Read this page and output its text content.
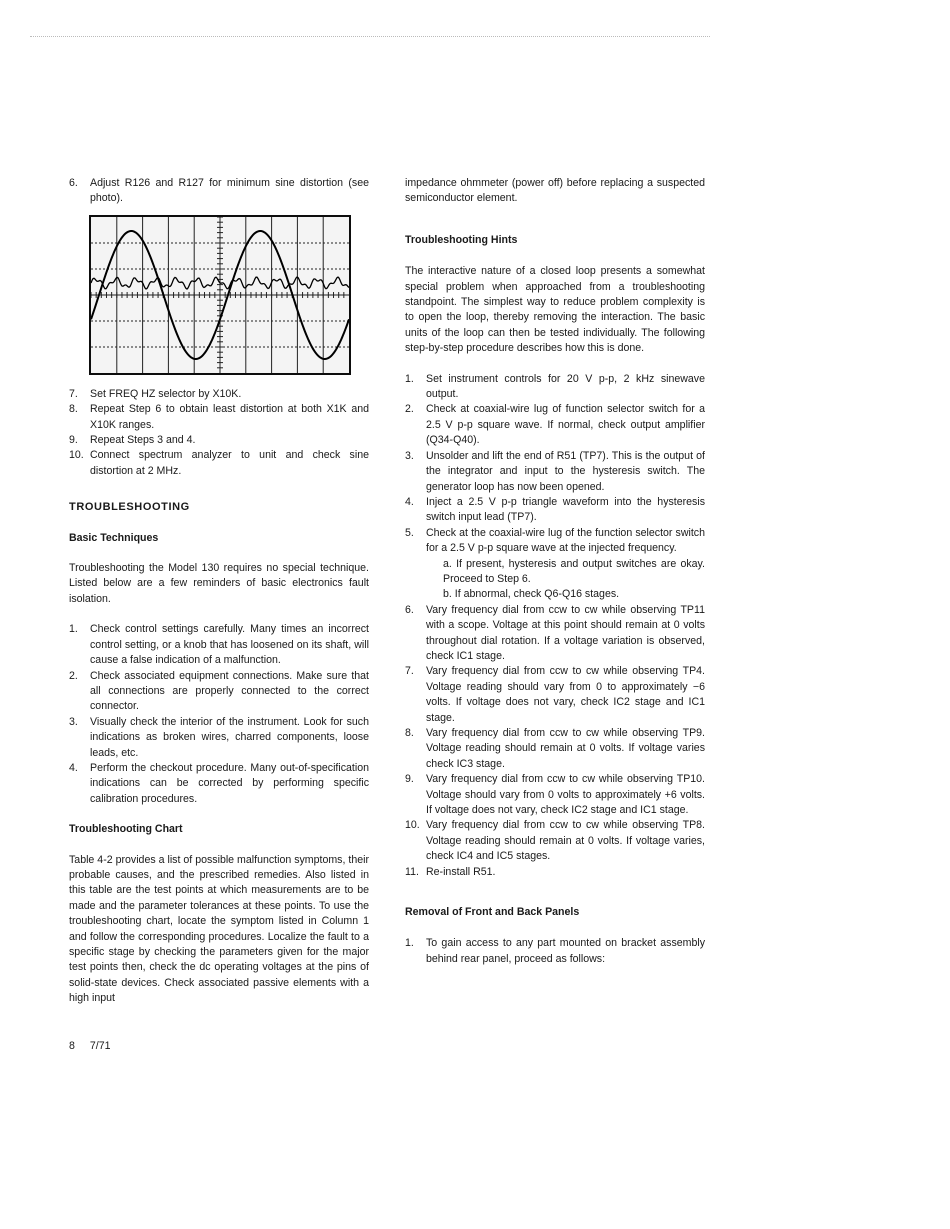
6. Adjust R126 and R127 for minimum sine distortion (see photo).
7. Set FREQ HZ selector by X10K.
8. Repeat Step 6 to obtain least distortion at both X1K and X10K ranges.
9. Repeat Steps 3 and 4.
10. Connect spectrum analyzer to unit and check sine distortion at 2 MHz.
TROUBLESHOOTING
Basic Techniques

Troubleshooting the Model 130 requires no special technique. Listed below are a few reminders of basic electronics fault isolation.

1. Check control settings carefully. Many times an incorrect control setting, or a knob that has loosened on its shaft, will cause a false indication of a malfunction.
2. Check associated equipment connections. Make sure that all connections are properly connected to the correct connector.
3. Visually check the interior of the instrument. Look for such indications as broken wires, charred components, loose leads, etc.
4. Perform the checkout procedure. Many out-of-specification indications can be corrected by performing specific calibration procedures.
Troubleshooting Chart

Table 4-2 provides a list of possible malfunction symptoms, their probable causes, and the prescribed remedies. Also listed in this table are the test points at which measurements are to be made and the parameter tolerances at these points. To use the troubleshooting chart, locate the symptom listed in Column 1 and follow the corresponding procedures. Localize the fault to a specific stage by checking the parameters given for the major test points then, check the dc operating voltages at the pins of solid-state devices. Check associated passive elements with a high input

impedance ohmmeter (power off) before replacing a suspected semiconductor element.

Troubleshooting Hints

The interactive nature of a closed loop presents a somewhat special problem when approached from a troubleshooting standpoint. The simplest way to reduce problem complexity is to open the loop, thereby removing the interaction. The basic units of the loop can then be tested individually. The following step-by-step procedure describes how this is done.

1. Set instrument controls for 20 V p-p, 2 kHz sinewave output.
2. Check at coaxial-wire lug of function selector switch for a 2.5 V p-p square wave. If normal, check output amplifier (Q34-Q40).
3. Unsolder and lift the end of R51 (TP7). This is the output of the integrator and input to the hysteresis switch. The generator loop has now been opened.
4. Inject a 2.5 V p-p triangle waveform into the hysteresis switch input lead (TP7).
5. Check at the coaxial-wire lug of the function selector switch for a 2.5 V p-p square wave at the injected frequency.
a. If present, hysteresis and output switches are okay. Proceed to Step 6.
b. If abnormal, check Q6-Q16 stages.
6. Vary frequency dial from ccw to cw while observing TP11 with a scope. Voltage at this point should remain at 0 volts throughout dial rotation. If a voltage variation is observed, check IC1 stage.
7. Vary frequency dial from ccw to cw while observing TP4. Voltage reading should vary from 0 to approximately −6 volts. If voltage does not vary, check IC2 stage and IC1 stage.
8. Vary frequency dial from ccw to cw while observing TP9. Voltage reading should remain at 0 volts. If voltage varies check IC3 stage.
9. Vary frequency dial from ccw to cw while observing TP10. Voltage should vary from 0 volts to approximately +6 volts. If voltage does not vary, check IC2 stage and IC1 stage.
10. Vary frequency dial from ccw to cw while observing TP8. Voltage reading should remain at 0 volts. If voltage varies, check IC4 and IC5 stages.
11. Re-install R51.
Removal of Front and Back Panels
1. To gain access to any part mounted on bracket assembly behind rear panel, proceed as follows:
8 7/71
